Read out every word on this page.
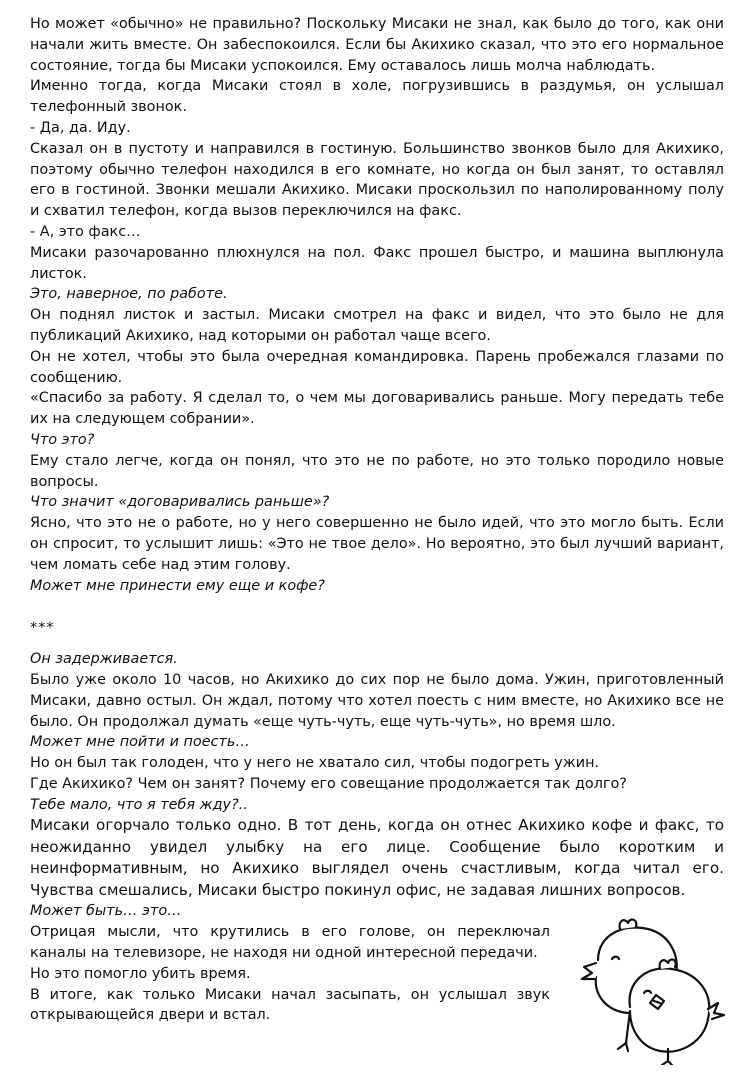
Но может «обычно» не правильно? Поскольку Мисаки не знал, как было до того, как они начали жить вместе. Он забеспокоился. Если бы Акихико сказал, что это его нормальное состояние, тогда бы Мисаки успокоился. Ему оставалось лишь молча наблюдать.

Именно тогда, когда Мисаки стоял в холе, погрузившись в раздумья, он услышал телефонный звонок.

- Да, да. Иду.

Сказал он в пустоту и направился в гостиную. Большинство звонков было для Акихико, поэтому обычно телефон находился в его комнате, но когда он был занят, то оставлял его в гостиной. Звонки мешали Акихико. Мисаки проскользил по наполированному полу и схватил телефон, когда вызов переключился на факс.

- А, это факс…

Мисаки разочарованно плюхнулся на пол. Факс прошел быстро, и машина выплюнула листок.

Это, наверное, по работе.

Он поднял листок и застыл. Мисаки смотрел на факс и видел, что это было не для публикаций Акихико, над которыми он работал чаще всего.

Он не хотел, чтобы это была очередная командировка. Парень пробежался глазами по сообщению.

«Спасибо за работу. Я сделал то, о чем мы договаривались раньше. Могу передать тебе их на следующем собрании».

Что это?

Ему стало легче, когда он понял, что это не по работе, но это только породило новые вопросы.

Что значит «договаривались раньше»?

Ясно, что это не о работе, но у него совершенно не было идей, что это могло быть. Если он спросит, то услышит лишь: «Это не твое дело». Но вероятно, это был лучший вариант, чем ломать себе над этим голову.

Может мне принести ему еще и кофе?

***

Он задерживается.

Было уже около 10 часов, но Акихико до сих пор не было дома. Ужин, приготовленный Мисаки, давно остыл. Он ждал, потому что хотел поесть с ним вместе, но Акихико все не было. Он продолжал думать «еще чуть-чуть, еще чуть-чуть», но время шло.

Может мне пойти и поесть…

Но он был так голоден, что у него не хватало сил, чтобы подогреть ужин.

Где Акихико? Чем он занят? Почему его совещание продолжается так долго?

Тебе мало, что я тебя жду?..

Мисаки огорчало только одно. В тот день, когда он отнес Акихико кофе и факс, то неожиданно увидел улыбку на его лице. Сообщение было коротким и неинформативным, но Акихико выглядел очень счастливым, когда читал его. Чувства смешались, Мисаки быстро покинул офис, не задавая лишних вопросов.

Может быть… это…

Отрицая мысли, что крутились в его голове, он переключал каналы на телевизоре, не находя ни одной интересной передачи.

Но это помогло убить время.

В итоге, как только Мисаки начал засыпать, он услышал звук открывающейся двери и встал.
